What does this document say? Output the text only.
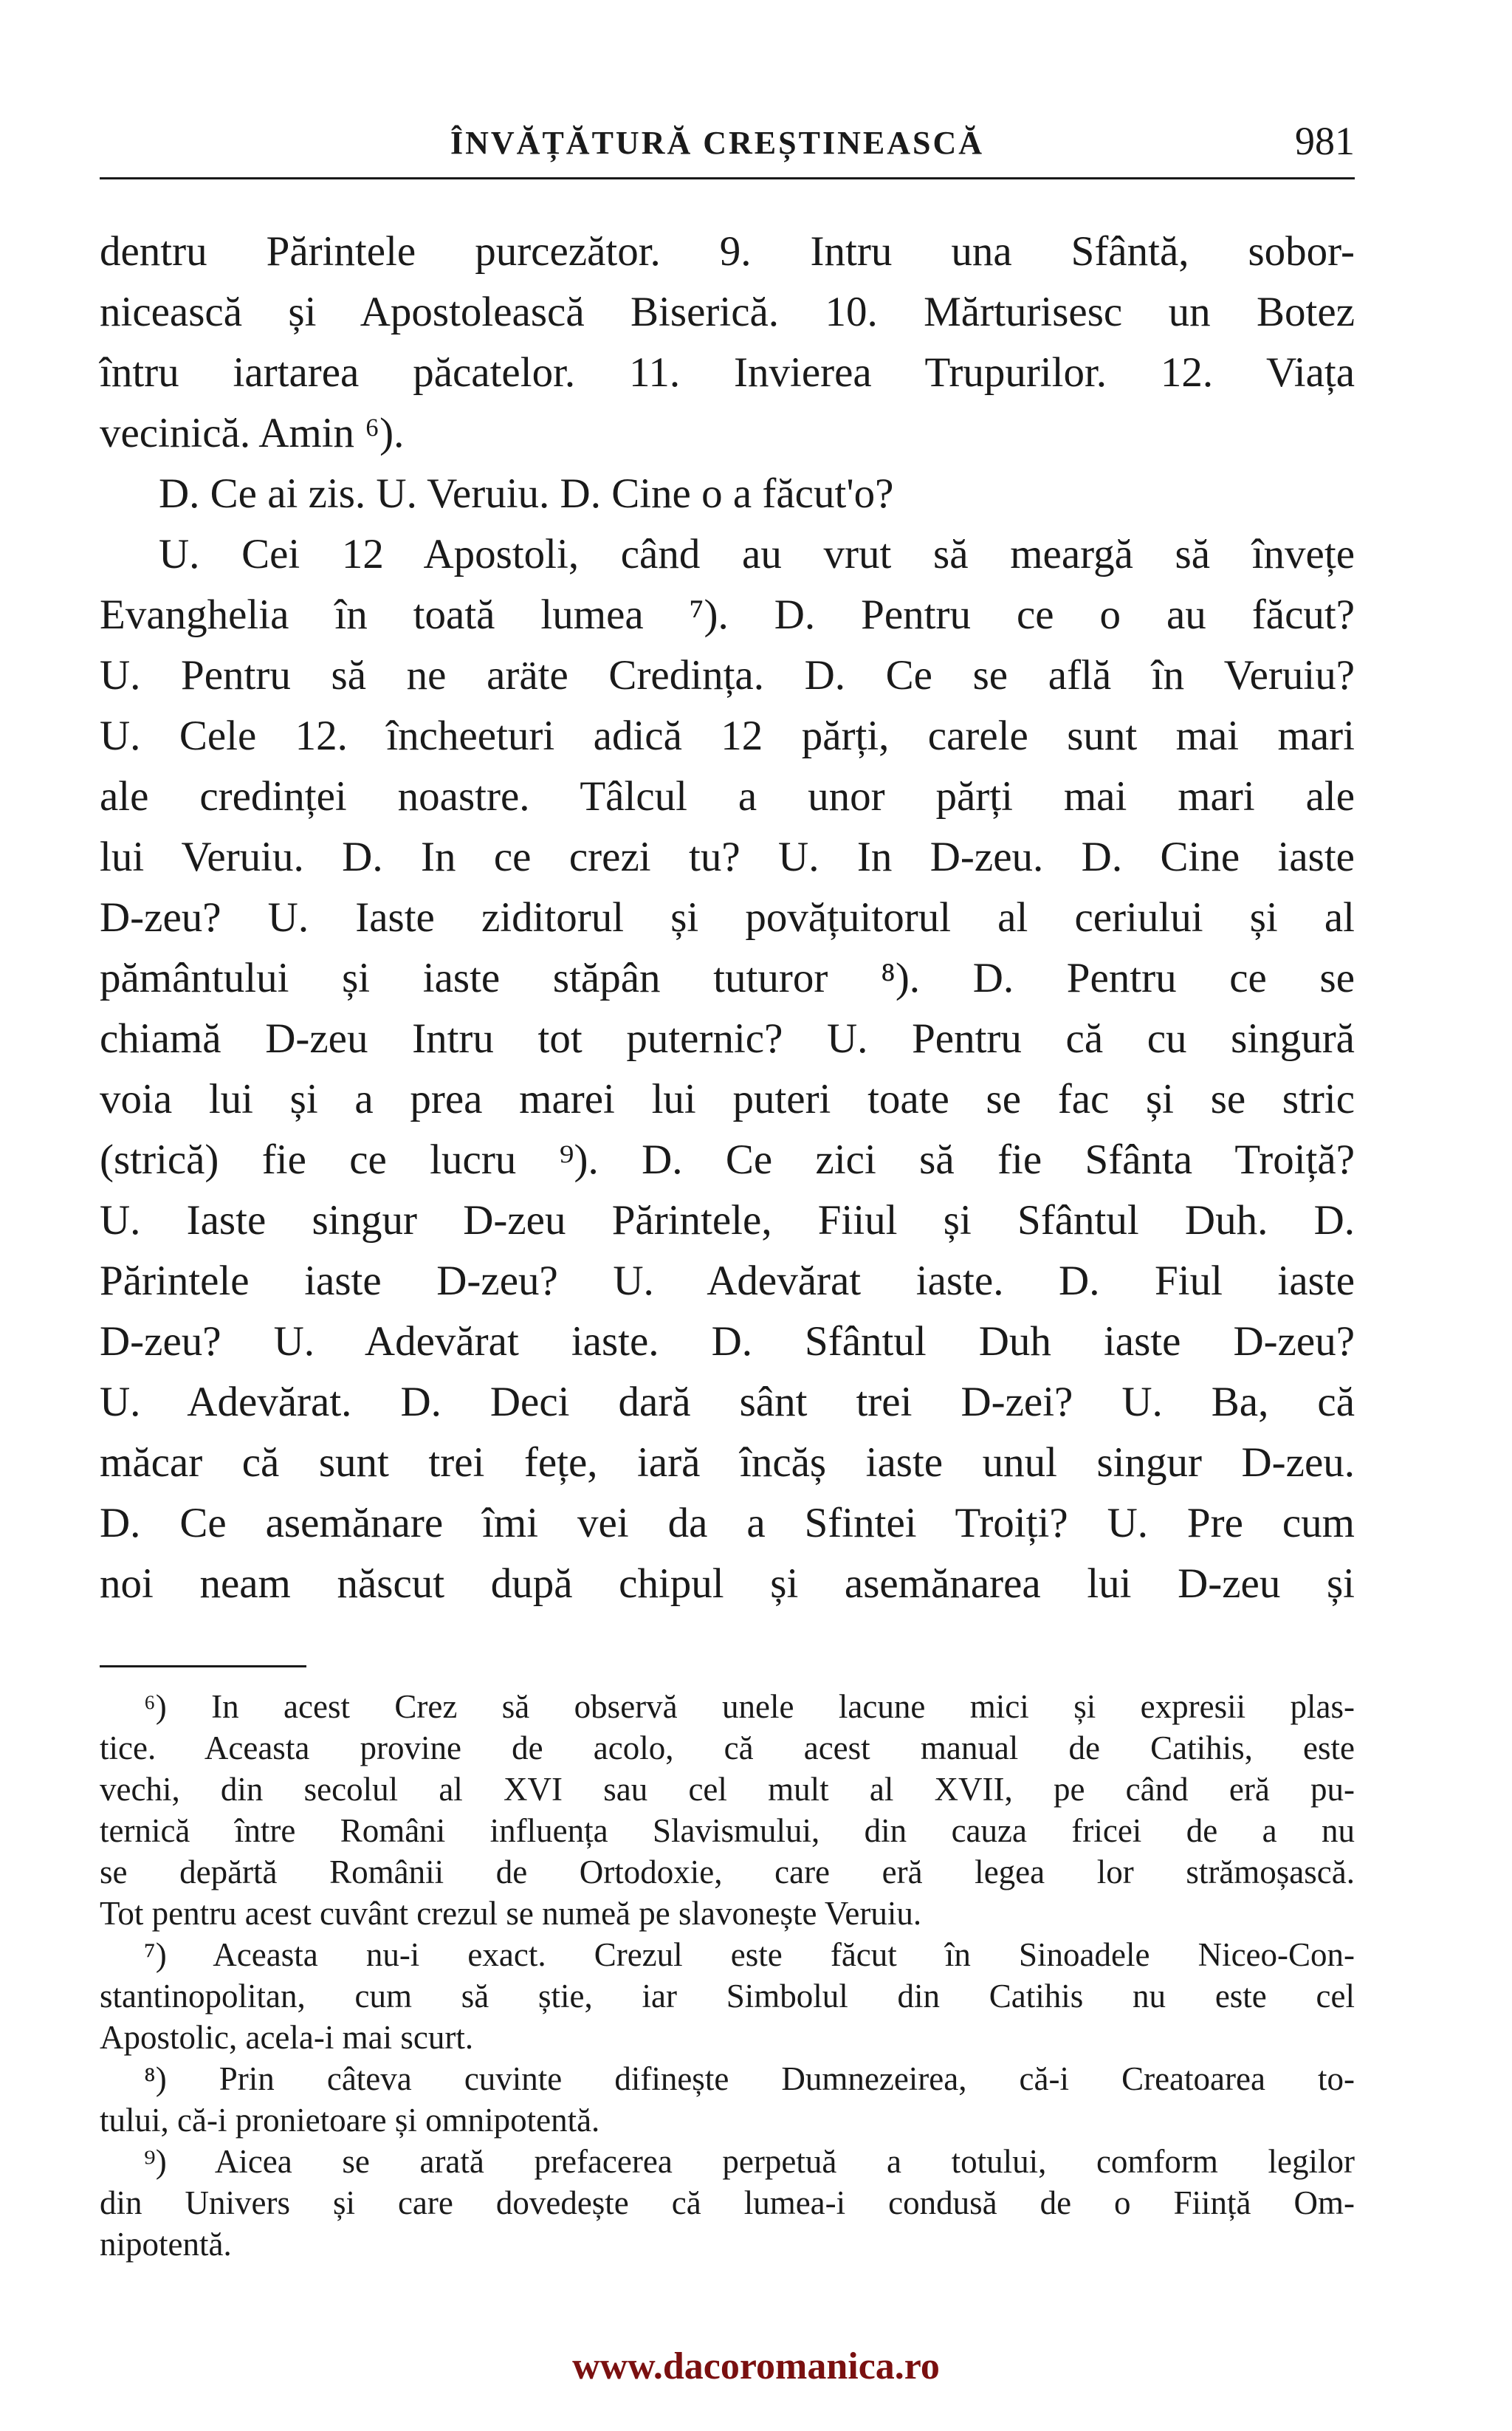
ÎNVĂȚĂTURĂ CREȘTINEASCĂ	981
dentru Părintele purcezător. 9. Intru una Sfântă, sobor-
nicească și Apostolească Biserică. 10. Mărturisesc un Botez
întru iartarea păcatelor. 11. Invierea Trupurilor. 12. Viața
vecinică. Amin ⁶).
D. Ce ai zis. U. Veruiu. D. Cine o a făcut'o?
U. Cei 12 Apostoli, când au vrut să meargă să învețe
Evanghelia în toată lumea ⁷). D. Pentru ce o au făcut?
U. Pentru să ne aräte Credința. D. Ce se află în Veruiu?
U. Cele 12. încheeturi adică 12 părți, carele sunt mai mari
ale credinței noastre. Tâlcul a unor părți mai mari ale
lui Veruiu. D. In ce crezi tu? U. In D-zeu. D. Cine iaste
D-zeu? U. Iaste ziditorul și povățuitorul al ceriului și al
pământului și iaste stăpân tuturor ⁸). D. Pentru ce se
chiamă D-zeu Intru tot puternic? U. Pentru că cu singură
voia lui și a prea marei lui puteri toate se fac și se stric
(strică) fie ce lucru ⁹). D. Ce zici să fie Sfânta Troiță?
U. Iaste singur D-zeu Părintele, Fiiul și Sfântul Duh. D.
Părintele iaste D-zeu? U. Adevărat iaste. D. Fiul iaste
D-zeu? U. Adevărat iaste. D. Sfântul Duh iaste D-zeu?
U. Adevărat. D. Deci dară sânt trei D-zei? U. Ba, că
măcar că sunt trei fețe, iară încăș iaste unul singur D-zeu.
D. Ce asemănare îmi vei da a Sfintei Troiți? U. Pre cum
noi neam născut după chipul și asemănarea lui D-zeu și
⁶) In acest Crez să observă unele lacune mici și expresii plas-
tice. Aceasta provine de acolo, că acest manual de Catihis, este
vechi, din secolul al XVI sau cel mult al XVII, pe când eră pu-
ternică între Români influența Slavismului, din cauza fricei de a nu
se depărtă Românii de Ortodoxie, care eră legea lor strămoșască.
Tot pentru acest cuvânt crezul se numeă pe slavonește Veruiu.
⁷) Aceasta nu-i exact. Crezul este făcut în Sinoadele Niceo-Con-
stantinopolitan, cum să știe, iar Simbolul din Catihis nu este cel
Apostolic, acela-i mai scurt.
⁸) Prin câteva cuvinte difinește Dumnezeirea, că-i Creatoarea to-
tului, că-i pronietoare și omnipotentă.
⁹) Aicea se arată prefacerea perpetuă a totului, comform legilor
din Univers și care dovedește că lumea-i condusă de o Ființă Om-
nipotentă.
www.dacoromanica.ro
